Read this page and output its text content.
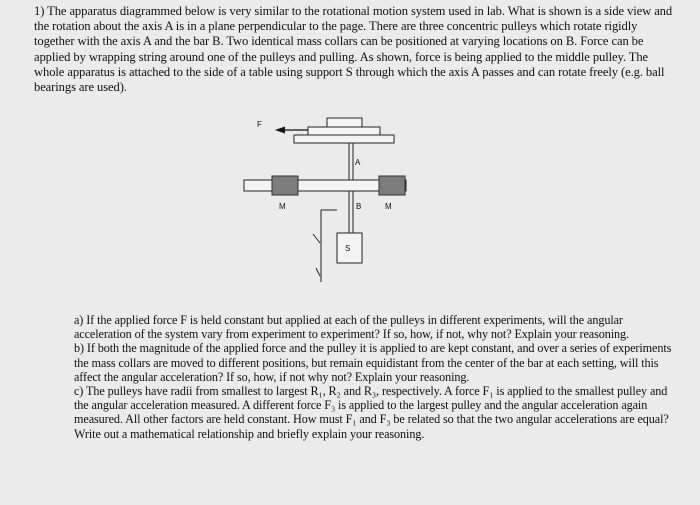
1) The apparatus diagrammed below is very similar to the rotational motion system used in lab. What is shown is a side view and the rotation about the axis A is in a plane perpendicular to the page. There are three concentric pulleys which rotate rigidly together with the axis A and the bar B. Two identical mass collars can be positioned at varying locations on B. Force can be applied by wrapping string around one of the pulleys and pulling. As shown, force is being applied to the middle pulley. The whole apparatus is attached to the side of a table using support S through which the axis A passes and can rotate freely (e.g. ball bearings are used).
F
A
M	B	M
S

a) If the applied force F is held constant but applied at each of the pulleys in different experiments, will the angular acceleration of the system vary from experiment to experiment? If so, how, if not, why not? Explain your reasoning.

b) If both the magnitude of the applied force and the pulley it is applied to are kept constant, and over a series of experiments the mass collars are moved to different positions, but remain equidistant from the center of the bar at each setting, will this affect the angular acceleration? If so, how, if not why not? Explain your reasoning.

c) The pulleys have radii from smallest to largest R₁, R₂ and R₃, respectively. A force F₁ is applied to the smallest pulley and the angular acceleration measured. A different force F₃ is applied to the largest pulley and the angular acceleration again measured. All other factors are held constant. How must F₁ and F₃ be related so that the two angular accelerations are equal? Write out a mathematical relationship and briefly explain your reasoning.
